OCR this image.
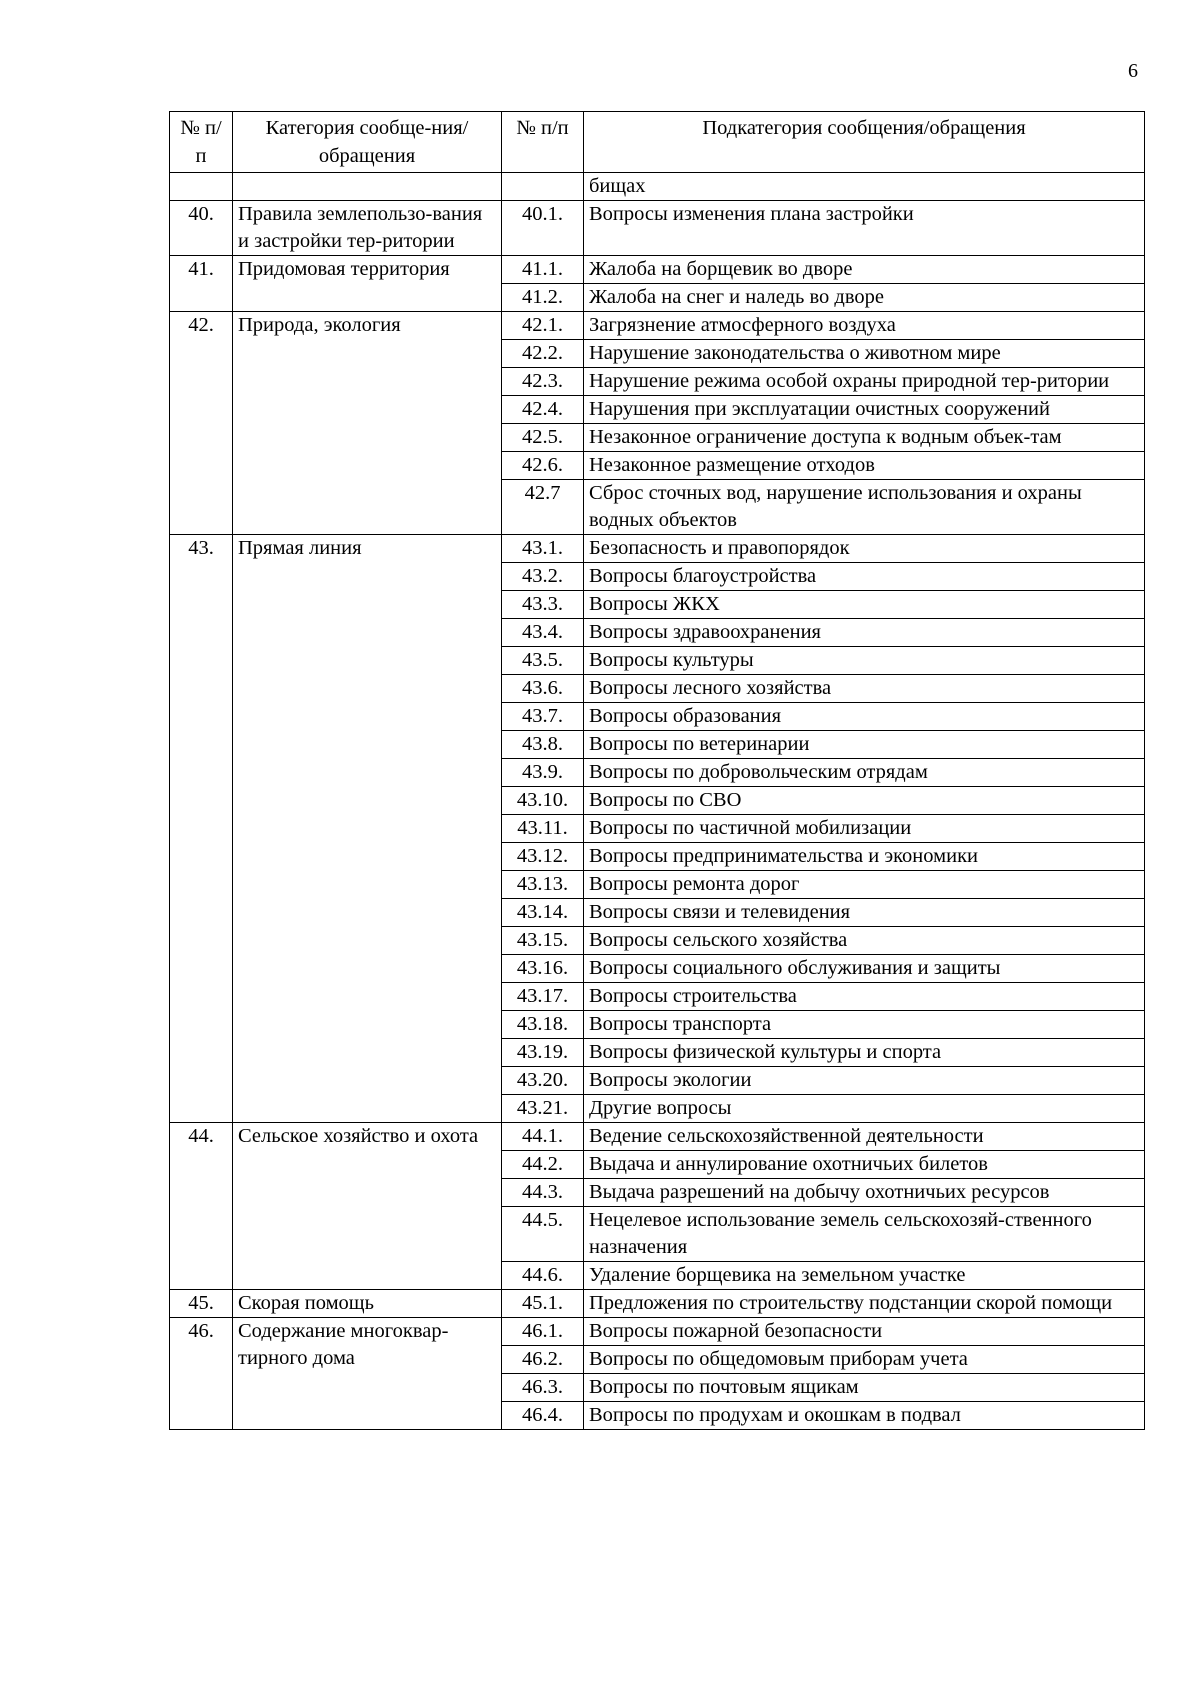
6
№ п/п	Категория сообще-ния/обращения	№ п/п	Подкатегория сообщения/обращения
			бищах
40.	Правила землепользо-вания и застройки тер-ритории	40.1.	Вопросы изменения плана застройки
41.	Придомовая территория	41.1.	Жалоба на борщевик во дворе
		41.2.	Жалоба на снег и наледь во дворе
42.	Природа, экология	42.1.	Загрязнение атмосферного воздуха
		42.2.	Нарушение законодательства о животном мире
		42.3.	Нарушение режима особой охраны природной тер-ритории
		42.4.	Нарушения при эксплуатации очистных сооружений
		42.5.	Незаконное ограничение доступа к водным объек-там
		42.6.	Незаконное размещение отходов
		42.7	Сброс сточных вод, нарушение использования и охраны водных объектов
43.	Прямая линия	43.1.	Безопасность и правопорядок
		43.2.	Вопросы благоустройства
		43.3.	Вопросы ЖКХ
		43.4.	Вопросы здравоохранения
		43.5.	Вопросы культуры
		43.6.	Вопросы лесного хозяйства
		43.7.	Вопросы образования
		43.8.	Вопросы по ветеринарии
		43.9.	Вопросы по добровольческим отрядам
		43.10.	Вопросы по СВО
		43.11.	Вопросы по частичной мобилизации
		43.12.	Вопросы предпринимательства и экономики
		43.13.	Вопросы ремонта дорог
		43.14.	Вопросы связи и телевидения
		43.15.	Вопросы сельского хозяйства
		43.16.	Вопросы социального обслуживания и защиты
		43.17.	Вопросы строительства
		43.18.	Вопросы транспорта
		43.19.	Вопросы физической культуры и спорта
		43.20.	Вопросы экологии
		43.21.	Другие вопросы
44.	Сельское хозяйство и охота	44.1.	Ведение сельскохозяйственной деятельности
		44.2.	Выдача и аннулирование охотничьих билетов
		44.3.	Выдача разрешений на добычу охотничьих ресурсов
		44.5.	Нецелевое использование земель сельскохозяй-ственного назначения
		44.6.	Удаление борщевика на земельном участке
45.	Скорая помощь	45.1.	Предложения по строительству подстанции скорой помощи
46.	Содержание многоквар-тирного дома	46.1.	Вопросы пожарной безопасности
		46.2.	Вопросы по общедомовым приборам учета
		46.3.	Вопросы по почтовым ящикам
		46.4.	Вопросы по продухам и окошкам в подвал
